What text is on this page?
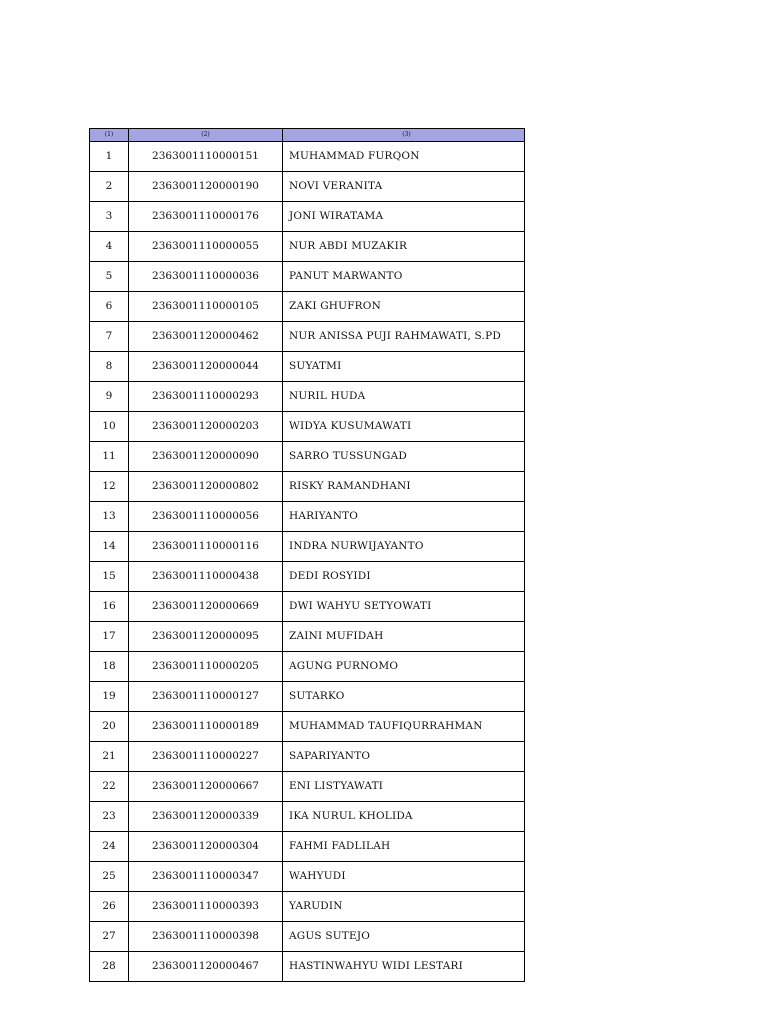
(1)	(2)	(3)
1	2363001110000151	MUHAMMAD FURQON
2	2363001120000190	NOVI VERANITA
3	2363001110000176	JONI WIRATAMA
4	2363001110000055	NUR ABDI MUZAKIR
5	2363001110000036	PANUT MARWANTO
6	2363001110000105	ZAKI GHUFRON
7	2363001120000462	NUR ANISSA PUJI RAHMAWATI, S.PD
8	2363001120000044	SUYATMI
9	2363001110000293	NURIL HUDA
10	2363001120000203	WIDYA KUSUMAWATI
11	2363001120000090	SARRO TUSSUNGAD
12	2363001120000802	RISKY RAMANDHANI
13	2363001110000056	HARIYANTO
14	2363001110000116	INDRA NURWIJAYANTO
15	2363001110000438	DEDI ROSYIDI
16	2363001120000669	DWI WAHYU SETYOWATI
17	2363001120000095	ZAINI MUFIDAH
18	2363001110000205	AGUNG PURNOMO
19	2363001110000127	SUTARKO
20	2363001110000189	MUHAMMAD TAUFIQURRAHMAN
21	2363001110000227	SAPARIYANTO
22	2363001120000667	ENI LISTYAWATI
23	2363001120000339	IKA NURUL KHOLIDA
24	2363001120000304	FAHMI FADLILAH
25	2363001110000347	WAHYUDI
26	2363001110000393	YARUDIN
27	2363001110000398	AGUS SUTEJO
28	2363001120000467	HASTINWAHYU WIDI LESTARI
